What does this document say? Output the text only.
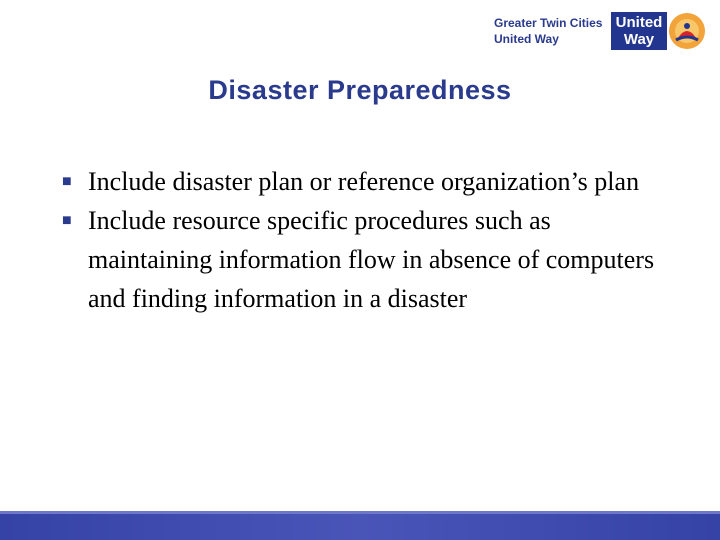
Greater Twin Cities
United Way
United
Way
Disaster Preparedness
■ Include disaster plan or reference organization’s plan
■ Include resource specific procedures such as maintaining information flow in absence of computers and finding information in a disaster
